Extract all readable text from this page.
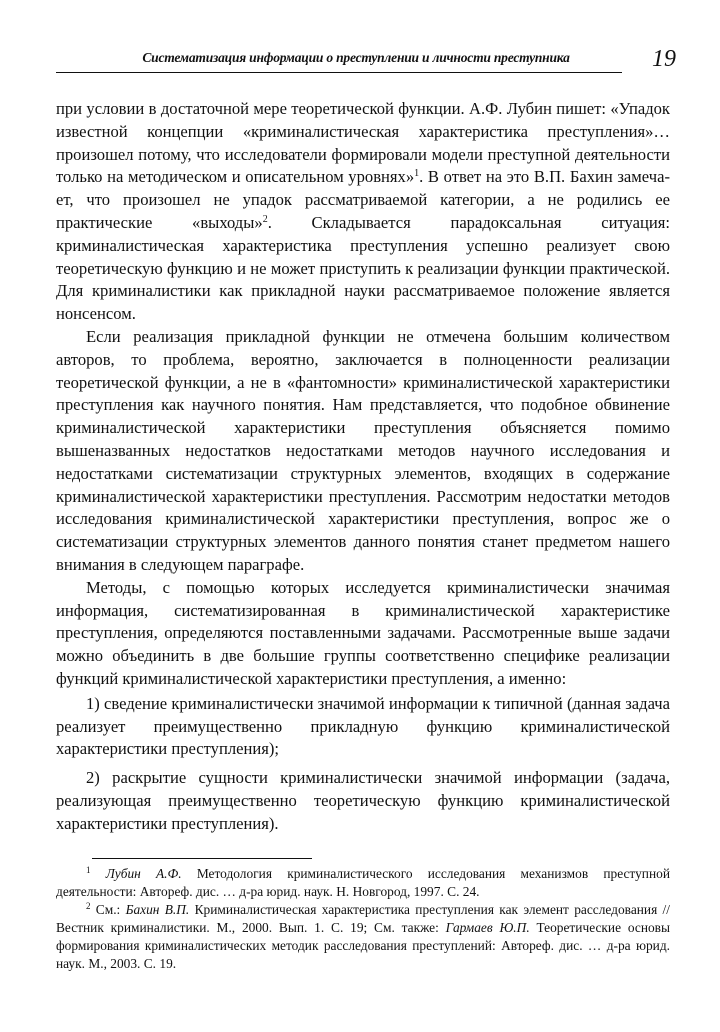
Систематизация информации о преступлении и личности преступника	19

при условии в достаточной мере теоретической функции. А.Ф. Лубин пишет: «Упадок известной концепции «криминалистическая характеристика преступления»… произошел потому, что исследователи формировали модели преступной деятельности только на методическом и описательном уровнях»$^1$. В ответ на это В.П. Бахин замечает, что произошел не упадок рассматриваемой категории, а не родились ее практические «выходы»$^2$. Складывается парадоксальная ситуация: криминалистическая характеристика преступления успешно реализует свою теоретическую функцию и не может приступить к реализации функции практической. Для криминалистики как прикладной науки рассматриваемое положение является нонсенсом.

Если реализация прикладной функции не отмечена большим количеством авторов, то проблема, вероятно, заключается в полноценности реализации теоретической функции, а не в «фантомности» криминалистической характеристики преступления как научного понятия. Нам представляется, что подобное обвинение криминалистической характеристики преступления объясняется помимо вышеназванных недостатков недостатками методов научного исследования и недостатками систематизации структурных элементов, входящих в содержание криминалистической характеристики преступления. Рассмотрим недостатки методов исследования криминалистической характеристики преступления, вопрос же о систематизации структурных элементов данного понятия станет предметом нашего внимания в следующем параграфе.

Методы, с помощью которых исследуется криминалистически значимая информация, систематизированная в криминалистической характеристике преступления, определяются поставленными задачами. Рассмотренные выше задачи можно объединить в две большие группы соответственно специфике реализации функций криминалистической характеристики преступления, а именно:

1) сведение криминалистически значимой информации к типичной (данная задача реализует преимущественно прикладную функцию криминалистической характеристики преступления);

2) раскрытие сущности криминалистически значимой информации (задача, реализующая преимущественно теоретическую функцию криминалистической характеристики преступления).

$^1$ Лубин А.Ф. Методология криминалистического исследования механизмов преступной деятельности: Автореф. дис. … д-ра юрид. наук. Н. Новгород, 1997. С. 24.

$^2$ См.: Бахин В.П. Криминалистическая характеристика преступления как элемент расследования // Вестник криминалистики. М., 2000. Вып. 1. С. 19; См. также: Гармаев Ю.П. Теоретические основы формирования криминалистических методик расследования преступлений: Автореф. дис. … д-ра юрид. наук. М., 2003. С. 19.
